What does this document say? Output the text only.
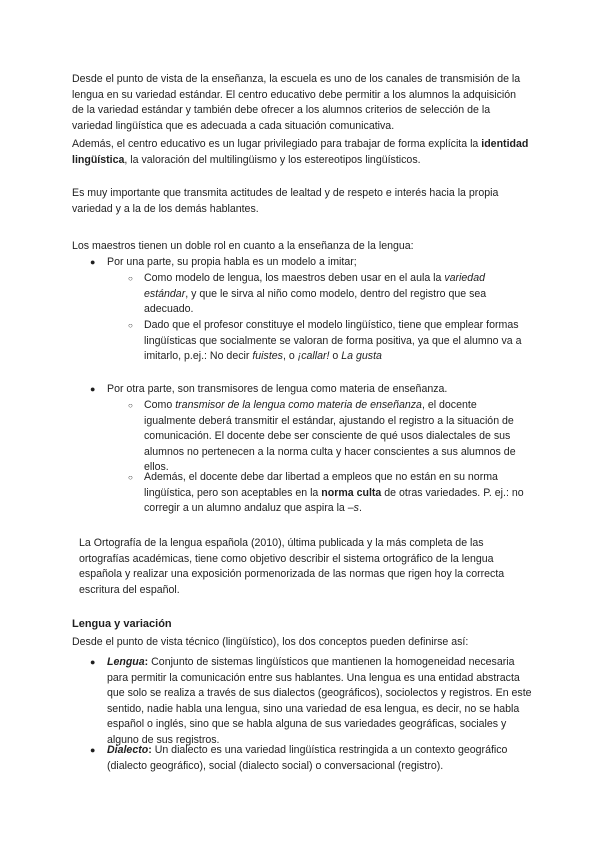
Desde el punto de vista de la enseñanza, la escuela es uno de los canales de transmisión de la lengua en su variedad estándar. El centro educativo debe permitir a los alumnos la adquisición de la variedad estándar y también debe ofrecer a los alumnos criterios de selección de la variedad lingüística que es adecuada a cada situación comunicativa.

Además, el centro educativo es un lugar privilegiado para trabajar de forma explícita la identidad lingüística, la valoración del multilingüismo y los estereotipos lingüísticos.

Es muy importante que transmita actitudes de lealtad y de respeto e interés hacia la propia variedad y a la de los demás hablantes.

Los maestros tienen un doble rol en cuanto a la enseñanza de la lengua:

● Por una parte, su propia habla es un modelo a imitar;
○ Como modelo de lengua, los maestros deben usar en el aula la variedad estándar, y que le sirva al niño como modelo, dentro del registro que sea adecuado.
○ Dado que el profesor constituye el modelo lingüístico, tiene que emplear formas lingüísticas que socialmente se valoran de forma positiva, ya que el alumno va a imitarlo, p.ej.: No decir fuistes, o ¡callar! o La gusta
● Por otra parte, son transmisores de lengua como materia de enseñanza.
○ Como transmisor de la lengua como materia de enseñanza, el docente igualmente deberá transmitir el estándar, ajustando el registro a la situación de comunicación. El docente debe ser consciente de qué usos dialectales de sus alumnos no pertenecen a la norma culta y hacer conscientes a sus alumnos de ellos.
○ Además, el docente debe dar libertad a empleos que no están en su norma lingüística, pero son aceptables en la norma culta de otras variedades. P. ej.: no corregir a un alumno andaluz que aspira la –s.

La Ortografía de la lengua española (2010), última publicada y la más completa de las ortografías académicas, tiene como objetivo describir el sistema ortográfico de la lengua española y realizar una exposición pormenorizada de las normas que rigen hoy la correcta escritura del español.

Lengua y variación

Desde el punto de vista técnico (lingüístico), los dos conceptos pueden definirse así:

● Lengua: Conjunto de sistemas lingüísticos que mantienen la homogeneidad necesaria para permitir la comunicación entre sus hablantes. Una lengua es una entidad abstracta que solo se realiza a través de sus dialectos (geográficos), sociolectos y registros. En este sentido, nadie habla una lengua, sino una variedad de esa lengua, es decir, no se habla español o inglés, sino que se habla alguna de sus variedades geográficas, sociales y alguno de sus registros.
● Dialecto: Un dialecto es una variedad lingüística restringida a un contexto geográfico (dialecto geográfico), social (dialecto social) o conversacional (registro).
